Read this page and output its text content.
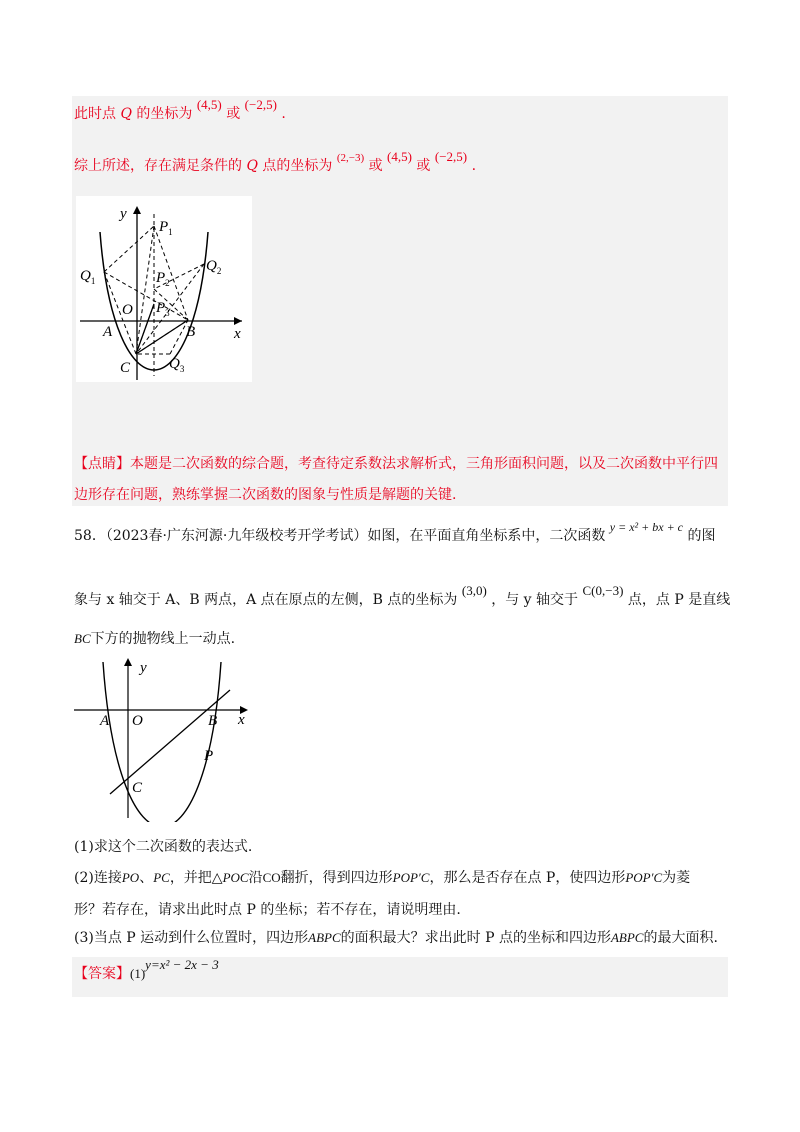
此时点 Q 的坐标为 (4,5) 或 (−2,5) .
综上所述，存在满足条件的 Q 点的坐标为 $^{(2,-3)}$ 或 (4,5) 或 (−2,5) .
y
x
$P_1$
$P_2$
$P_3$
$Q_1$
$Q_2$
$Q_3$
A
O
B
C
【点睛】本题是二次函数的综合题，考查待定系数法求解析式，三角形面积问题，以及二次函数中平行四
边形存在问题，熟练掌握二次函数的图象与性质是解题的关键.
58．（2023春·广东河源·九年级校考开学考试）如图，在平面直角坐标系中，二次函数 y = x² + bx + c 的图
象与 x 轴交于 A、B 两点，A 点在原点的左侧，B 点的坐标为 (3,0) ，与 y 轴交于 C(0,−3) 点，点 P 是直线
BC下方的抛物线上一动点.
y
x
A O	B
C
P
(1)求这个二次函数的表达式.
(2)连接PO、PC，并把△POC沿CO翻折，得到四边形POP′C，那么是否存在点 P，使四边形POP′C为菱
形？若存在，请求出此时点 P 的坐标；若不存在，请说明理由.
(3)当点 P 运动到什么位置时，四边形ABPC的面积最大？求出此时 P 点的坐标和四边形ABPC的最大面积.
【答案】(1)y=x² − 2x − 3
